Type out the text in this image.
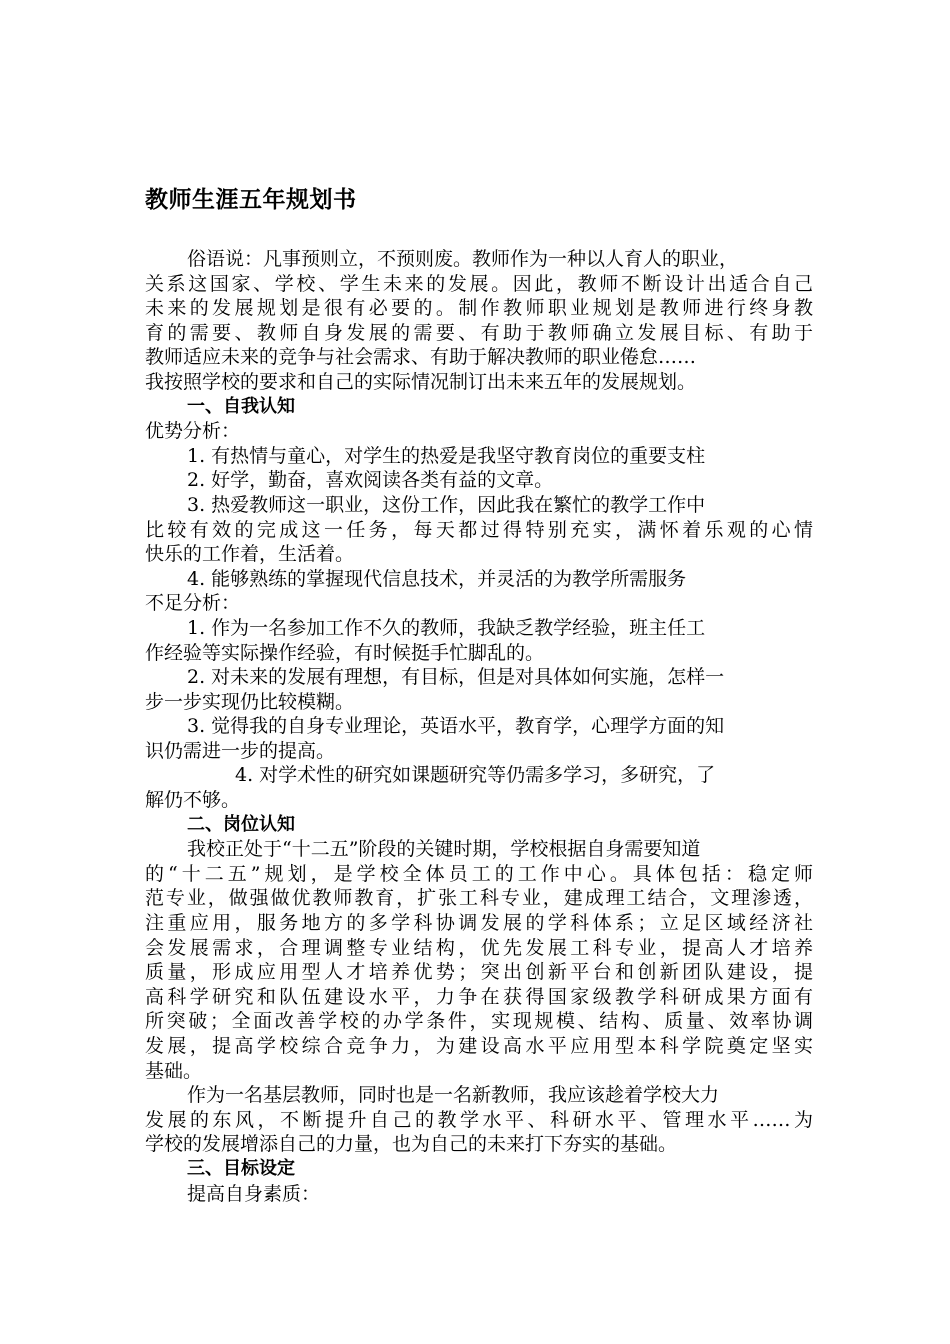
教师生涯五年规划书
俗语说：凡事预则立，不预则废。教师作为一种以人育人的职业，
关系这国家、学校、学生未来的发展。因此，教师不断设计出适合自己
未来的发展规划是很有必要的。制作教师职业规划是教师进行终身教
育的需要、教师自身发展的需要、有助于教师确立发展目标、有助于
教师适应未来的竞争与社会需求、有助于解决教师的职业倦怠……
我按照学校的要求和自己的实际情况制订出未来五年的发展规划。
一、自我认知
优势分析：
1. 有热情与童心，对学生的热爱是我坚守教育岗位的重要支柱
2. 好学，勤奋，喜欢阅读各类有益的文章。
3. 热爱教师这一职业，这份工作，因此我在繁忙的教学工作中
比较有效的完成这一任务，每天都过得特别充实，满怀着乐观的心情
快乐的工作着，生活着。
4. 能够熟练的掌握现代信息技术，并灵活的为教学所需服务
不足分析：
1. 作为一名参加工作不久的教师，我缺乏教学经验，班主任工
作经验等实际操作经验，有时候挺手忙脚乱的。
2. 对未来的发展有理想，有目标，但是对具体如何实施，怎样一
步一步实现仍比较模糊。
3. 觉得我的自身专业理论，英语水平，教育学，心理学方面的知
识仍需进一步的提高。
4. 对学术性的研究如课题研究等仍需多学习，多研究，了
解仍不够。
二、岗位认知
我校正处于“十二五”阶段的关键时期，学校根据自身需要知道
的“十二五”规划，是学校全体员工的工作中心。具体包括：稳定师
范专业，做强做优教师教育，扩张工科专业，建成理工结合，文理渗透，
注重应用，服务地方的多学科协调发展的学科体系；立足区域经济社
会发展需求，合理调整专业结构，优先发展工科专业，提高人才培养
质量，形成应用型人才培养优势；突出创新平台和创新团队建设，提
高科学研究和队伍建设水平，力争在获得国家级教学科研成果方面有
所突破；全面改善学校的办学条件，实现规模、结构、质量、效率协调
发展，提高学校综合竞争力，为建设高水平应用型本科学院奠定坚实
基础。
作为一名基层教师，同时也是一名新教师，我应该趁着学校大力
发展的东风，不断提升自己的教学水平、科研水平、管理水平……为
学校的发展增添自己的力量，也为自己的未来打下夯实的基础。
三、目标设定
提高自身素质：
